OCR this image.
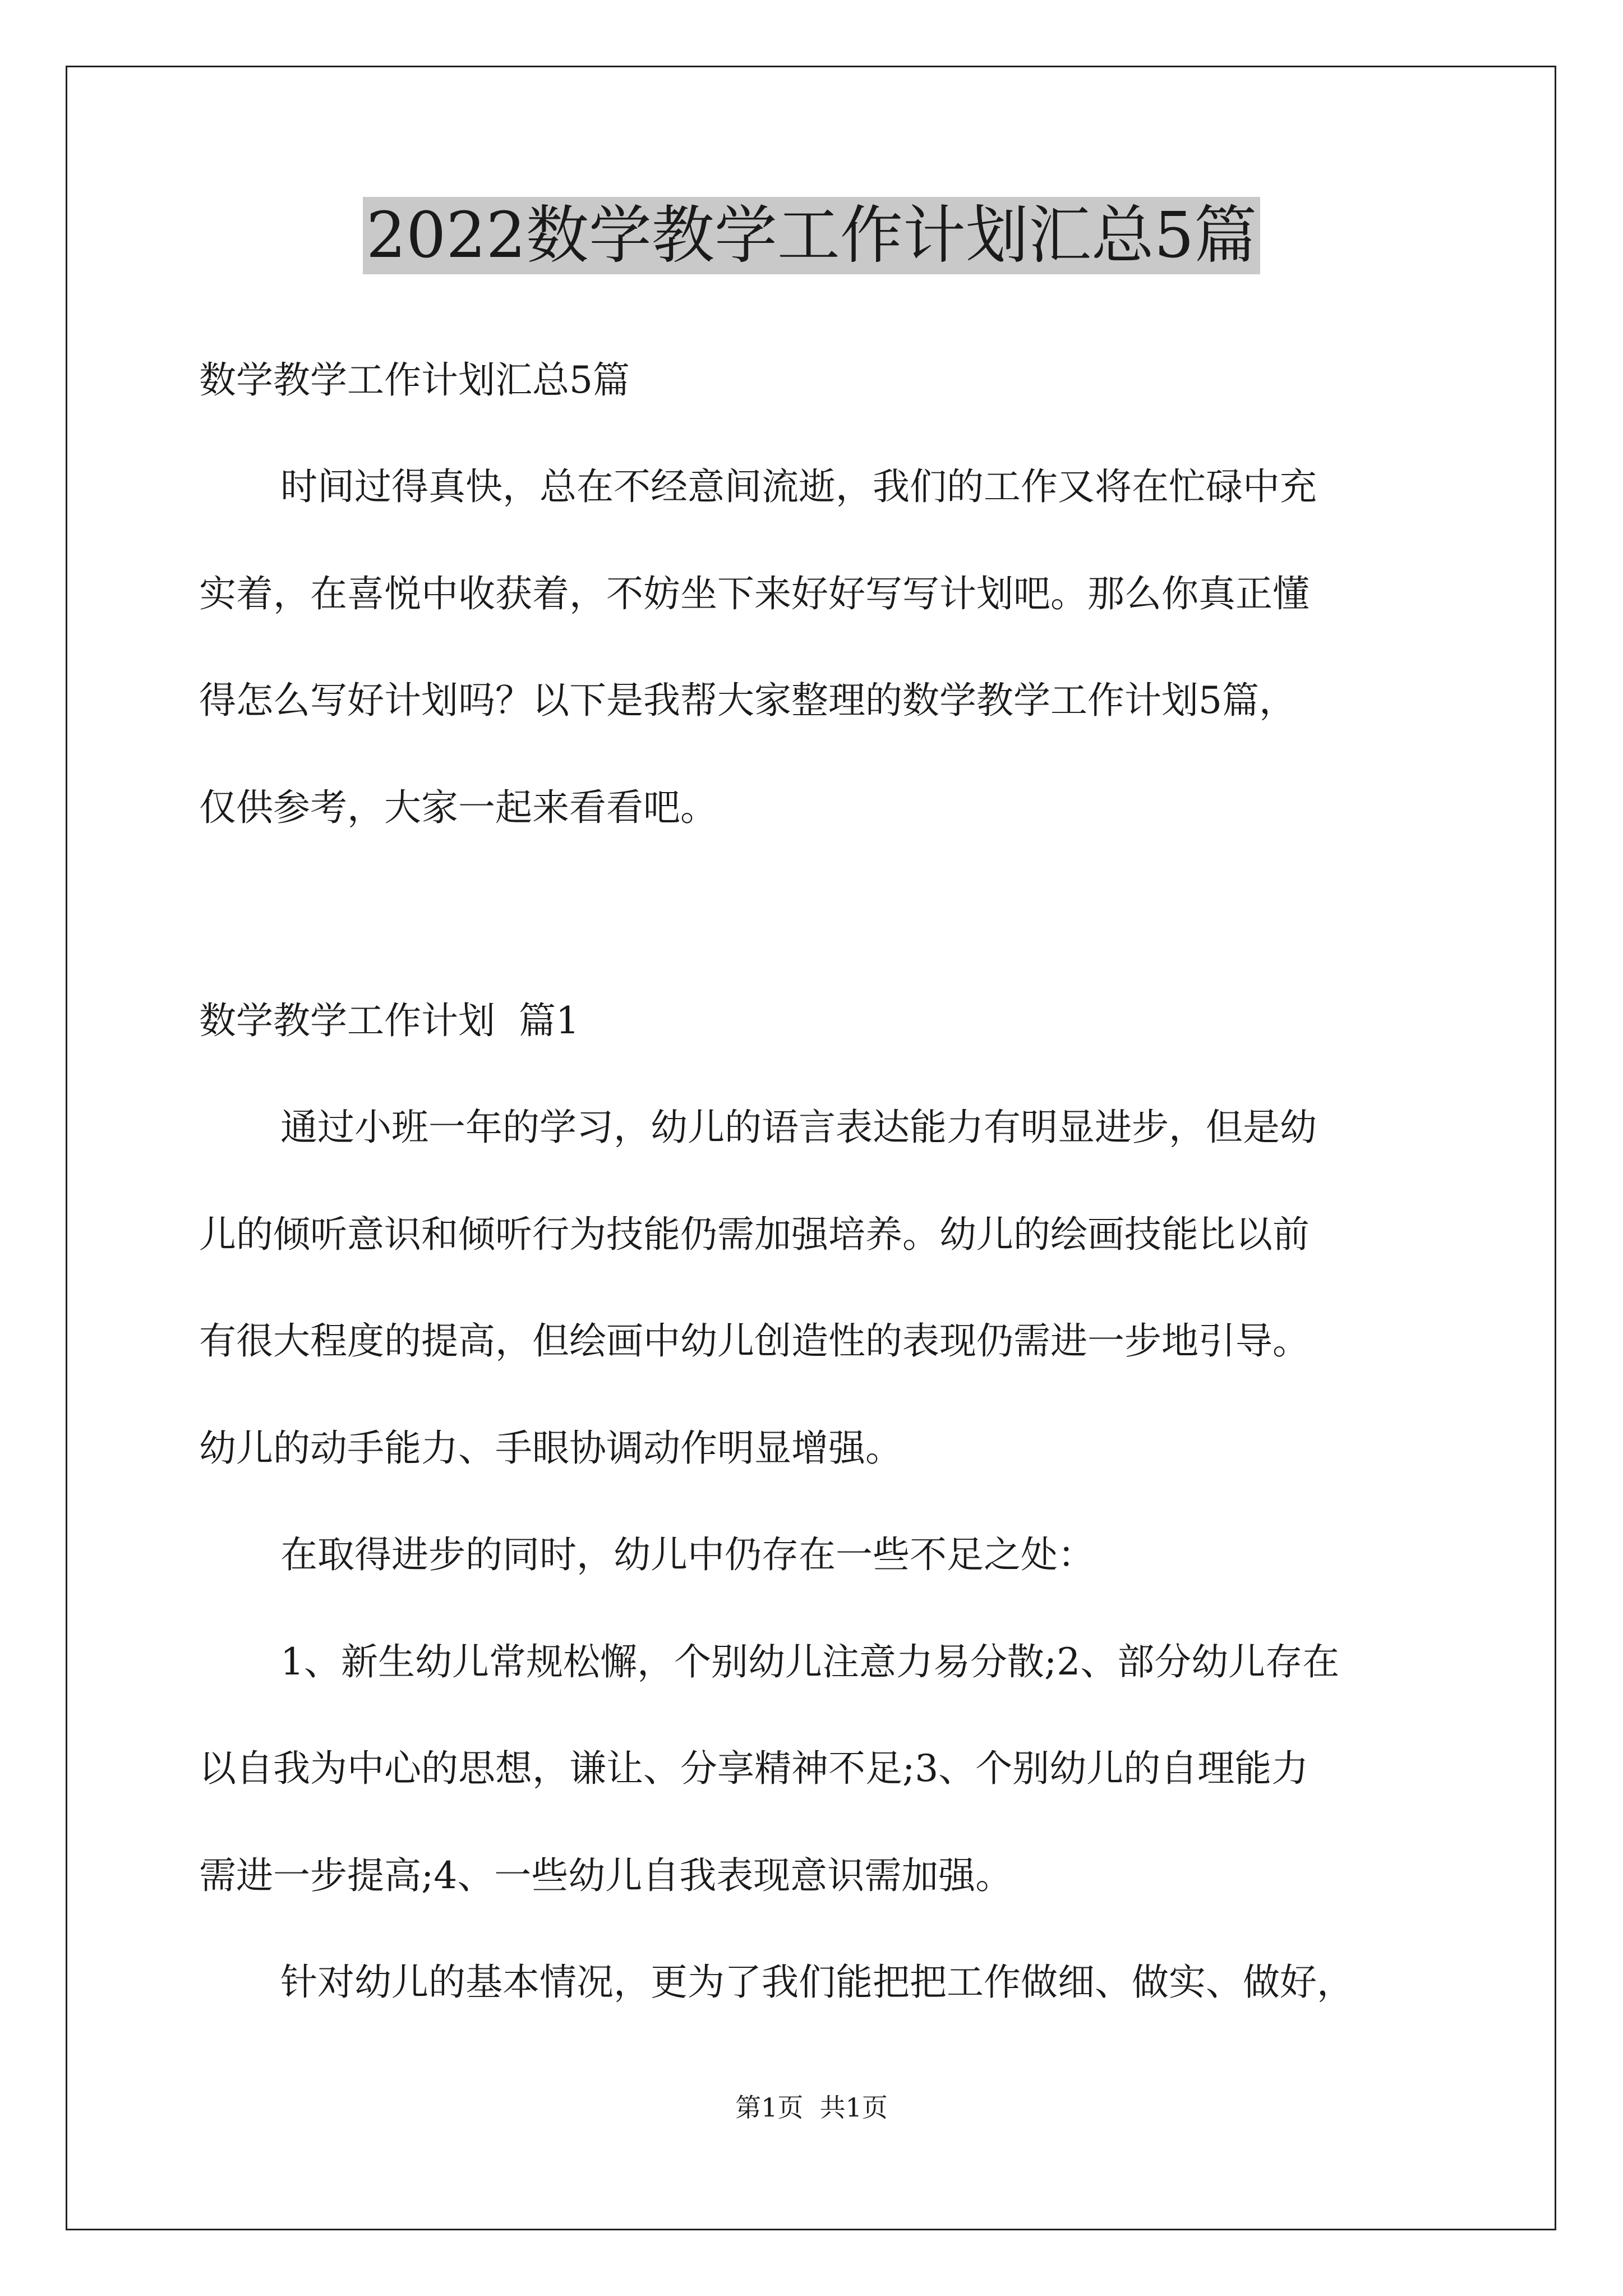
2022数学教学工作计划汇总5篇

数学教学工作计划汇总5篇

时间过得真快，总在不经意间流逝，我们的工作又将在忙碌中充

实着，在喜悦中收获着，不妨坐下来好好写写计划吧。那么你真正懂

得怎么写好计划吗？以下是我帮大家整理的数学教学工作计划5篇，

仅供参考，大家一起来看看吧。

数学教学工作计划  篇1

通过小班一年的学习，幼儿的语言表达能力有明显进步，但是幼

儿的倾听意识和倾听行为技能仍需加强培养。幼儿的绘画技能比以前

有很大程度的提高，但绘画中幼儿创造性的表现仍需进一步地引导。

幼儿的动手能力、手眼协调动作明显增强。

在取得进步的同时，幼儿中仍存在一些不足之处：

1、新生幼儿常规松懈，个别幼儿注意力易分散;2、部分幼儿存在

以自我为中心的思想，谦让、分享精神不足;3、个别幼儿的自理能力

需进一步提高;4、一些幼儿自我表现意识需加强。

针对幼儿的基本情况，更为了我们能把把工作做细、做实、做好，

第1页  共1页
